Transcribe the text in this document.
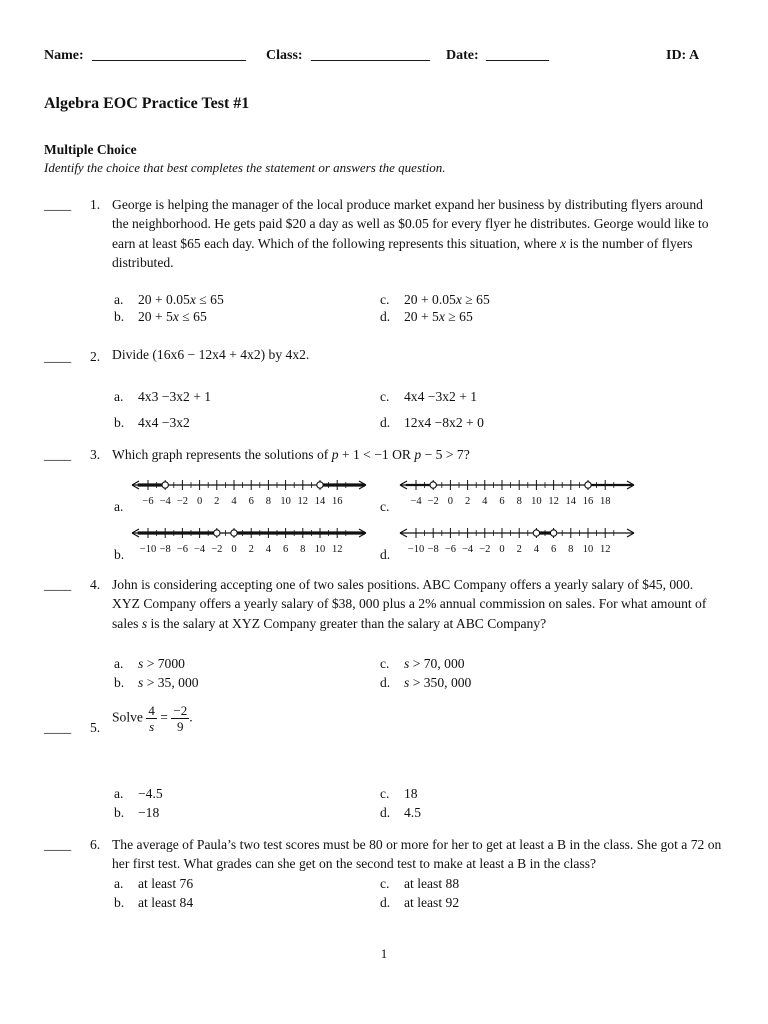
Name: ______________________ Class: _________________ Date: _________	ID: A
Algebra EOC Practice Test #1
Multiple Choice
Identify the choice that best completes the statement or answers the question.
____ 1. George is helping the manager of the local produce market expand her business by distributing flyers around the neighborhood. He gets paid $20 a day as well as $0.05 for every flyer he distributes. George would like to earn at least $65 each day. Which of the following represents this situation, where x is the number of flyers distributed.
a. 20 + 0.05x ≤ 65
b. 20 + 5x ≤ 65
c. 20 + 0.05x ≥ 65
d. 20 + 5x ≥ 65
____ 2. Divide (16x6 − 12x4 + 4x2) by 4x2.
a. 4x3 −3x2 + 1
b. 4x4 −3x2
c. 4x4 −3x2 + 1
d. 12x4 −8x2 + 0
____ 3. Which graph represents the solutions of p + 1 < −1 OR p − 5 > 7?
a. −6 −4 −2 0 2 4 6 8 10 12 14 16
b. −10 −8 −6 −4 −2 0 2 4 6 8 10 12
c. −4 −2 0 2 4 6 8 10 12 14 16 18
d. −10 −8 −6 −4 −2 0 2 4 6 8 10 12
____ 4. John is considering accepting one of two sales positions. ABC Company offers a yearly salary of $45, 000. XYZ Company offers a yearly salary of $38, 000 plus a 2% annual commission on sales. For what amount of sales s is the salary at XYZ Company greater than the salary at ABC Company?
a. s > 7000
b. s > 35, 000
c. s > 70, 000
d. s > 350, 000
____ 5.
Solve $\frac{4}{s} = \frac{-2}{9}$ .
a. −4.5
b. −18
c. 18
d. 4.5
____ 6. The average of Paula’s two test scores must be 80 or more for her to get at least a B in the class. She got a 72 on her first test. What grades can she get on the second test to make at least a B in the class?
a. at least 76
b. at least 84
c. at least 88
d. at least 92
1
